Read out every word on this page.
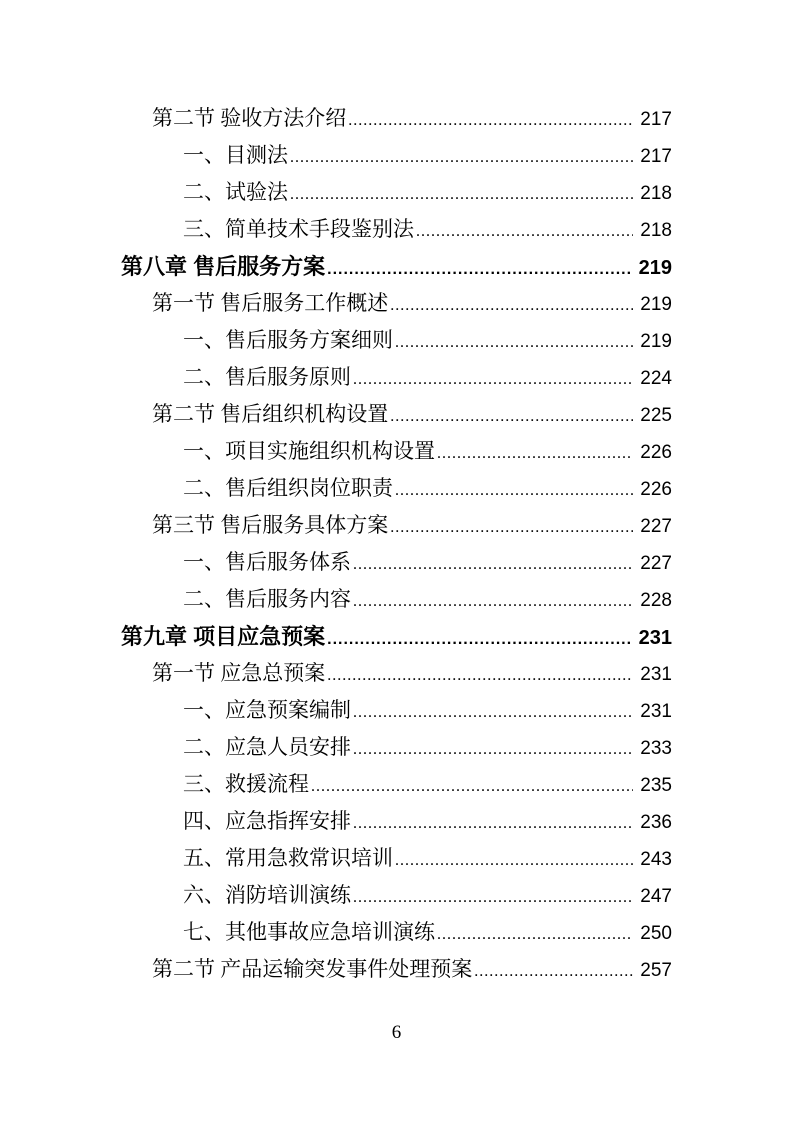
第二节 验收方法介绍 .....	217
一、目测法 .....	217
二、试验法 .....	218
三、简单技术手段鉴别法 .....	218
第八章 售后服务方案 .....	219
第一节 售后服务工作概述 .....	219
一、售后服务方案细则 .....	219
二、售后服务原则 .....	224
第二节 售后组织机构设置 .....	225
一、项目实施组织机构设置 .....	226
二、售后组织岗位职责 .....	226
第三节 售后服务具体方案 .....	227
一、售后服务体系 .....	227
二、售后服务内容 .....	228
第九章 项目应急预案 .....	231
第一节 应急总预案 .....	231
一、应急预案编制 .....	231
二、应急人员安排 .....	233
三、救援流程 .....	235
四、应急指挥安排 .....	236
五、常用急救常识培训 .....	243
六、消防培训演练 .....	247
七、其他事故应急培训演练 .....	250
第二节 产品运输突发事件处理预案 .....	257
6
